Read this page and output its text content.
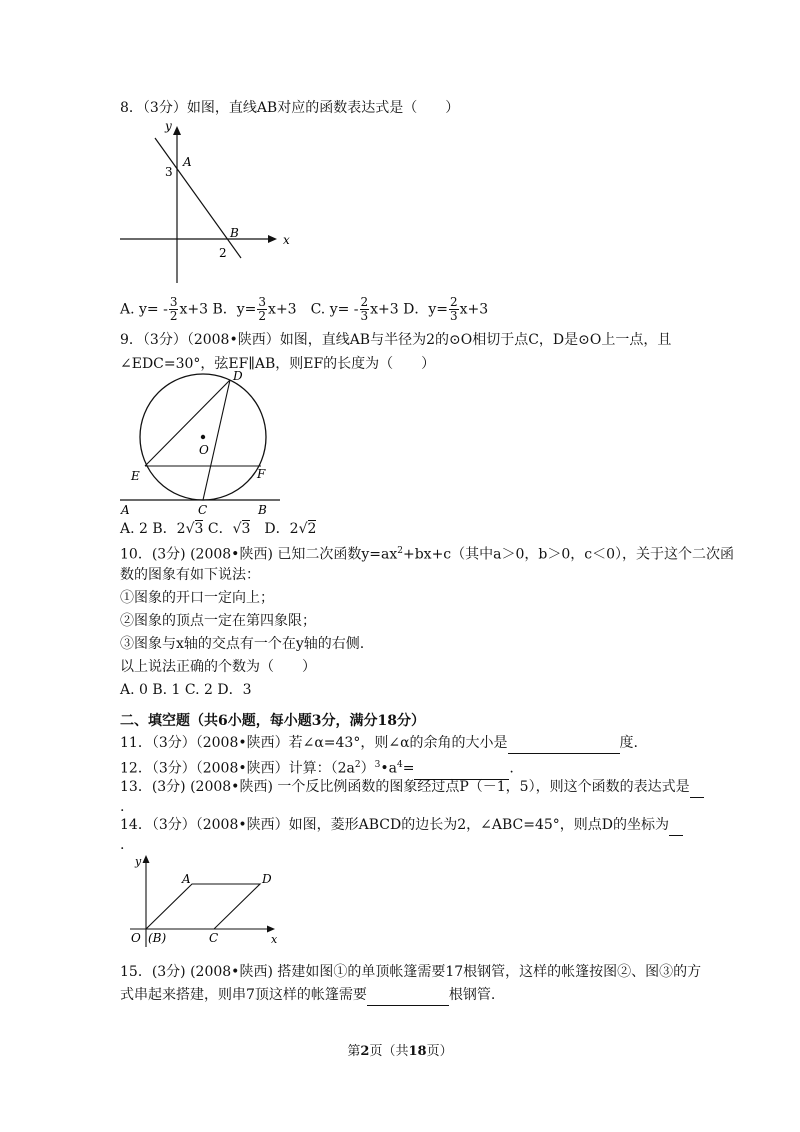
8．（3分）如图，直线AB对应的函数表达式是（　　）
y
x
A
B
3
2
A. $y= - \frac{3}{2} x+3$ B．$y= \frac{3}{2} x+3$　C. $y= - \frac{2}{3} x+3$ D．$y= \frac{2}{3} x+3$
9．（3分）（2008•陕西）如图，直线AB与半径为2的⊙O相切于点C，D是⊙O上一点，且
∠EDC=30°，弦EF∥AB，则EF的长度为（　　）
D
O
E	F
A	C	B
A. 2 B．2√3 C．√3　D．2√2
10．(3分) (2008•陕西) 已知二次函数$y=ax^2+bx+c$（其中a＞0，b＞0，c＜0），关于这个二次函
数的图象有如下说法：
①图象的开口一定向上；
②图象的顶点一定在第四象限；
③图象与x轴的交点有一个在y轴的右侧.
以上说法正确的个数为（　　）
A. 0 B. 1 C. 2 D．3
二、填空题（共6小题，每小题3分，满分18分）
11．（3分）（2008•陕西）若∠α=43°，则∠α的余角的大小是	度.
12．（3分）（2008•陕西）计算：$(2a^2)^3•a^4=$	.
13．(3分) (2008•陕西) 一个反比例函数的图象经过点P（－1，5），则这个函数的表达式是
.
14．（3分）（2008•陕西）如图，菱形ABCD的边长为2，∠ABC=45°，则点D的坐标为
.
y
x
A	D
O (B)	C
15．(3分) (2008•陕西) 搭建如图①的单顶帐篷需要17根钢管，这样的帐篷按图②、图③的方
式串起来搭建，则串7顶这样的帐篷需要	根钢管.
第2页（共18页）
